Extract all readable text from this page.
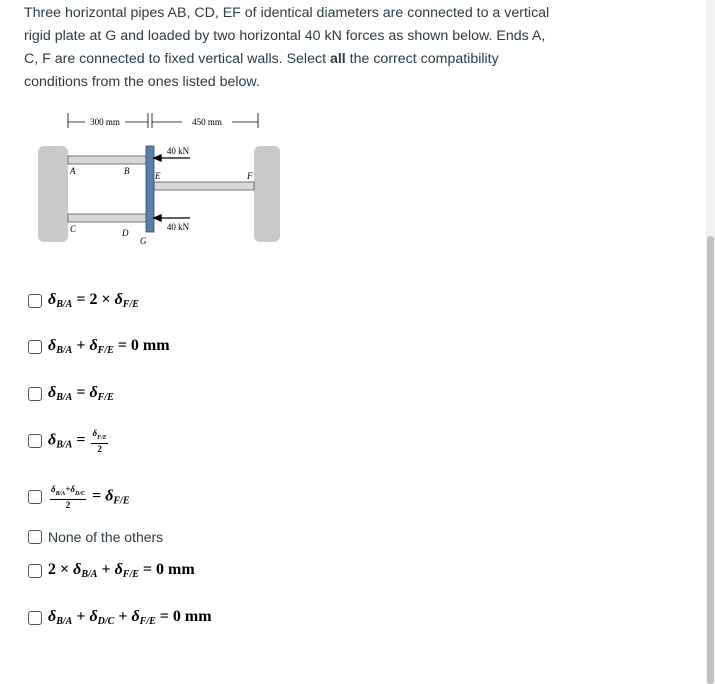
Three horizontal pipes AB, CD, EF of identical diameters are connected to a vertical
rigid plate at G and loaded by two horizontal 40 kN forces as shown below. Ends A,
C, F are connected to fixed vertical walls. Select all the correct compatibility
conditions from the ones listed below.
300 mm	450 mm
40 kN
40 kN
A	B
C	D
E	F
G
$\delta_{B/A} = 2 \times \delta_{F/E}$
$\delta_{B/A} + \delta_{F/E} = 0$ mm
$\delta_{B/A} = \delta_{F/E}$
$\delta_{B/A} = \frac{\delta_{F/E}}{2}$
$\frac{\delta_{B/A}+\delta_{D/C}}{2} = \delta_{F/E}$
None of the others
$2 \times \delta_{B/A} + \delta_{F/E} = 0$ mm
$\delta_{B/A} + \delta_{D/C} + \delta_{F/E} = 0$ mm
